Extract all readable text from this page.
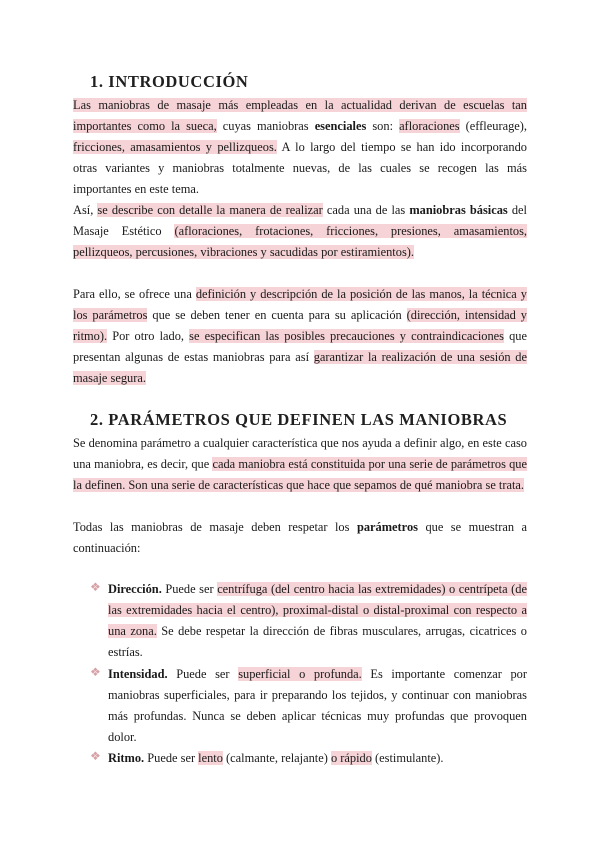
1. INTRODUCCIÓN

Las maniobras de masaje más empleadas en la actualidad derivan de escuelas tan importantes como la sueca, cuyas maniobras esenciales son: afloraciones (effleurage), fricciones, amasamientos y pellizqueos. A lo largo del tiempo se han ido incorporando otras variantes y maniobras totalmente nuevas, de las cuales se recogen las más importantes en este tema.

Así, se describe con detalle la manera de realizar cada una de las maniobras básicas del Masaje Estético (afloraciones, frotaciones, fricciones, presiones, amasamientos, pellizqueos, percusiones, vibraciones y sacudidas por estiramientos).

Para ello, se ofrece una definición y descripción de la posición de las manos, la técnica y los parámetros que se deben tener en cuenta para su aplicación (dirección, intensidad y ritmo). Por otro lado, se especifican las posibles precauciones y contraindicaciones que presentan algunas de estas maniobras para así garantizar la realización de una sesión de masaje segura.

2. PARÁMETROS QUE DEFINEN LAS MANIOBRAS

Se denomina parámetro a cualquier característica que nos ayuda a definir algo, en este caso una maniobra, es decir, que cada maniobra está constituida por una serie de parámetros que la definen. Son una serie de características que hace que sepamos de qué maniobra se trata.

Todas las maniobras de masaje deben respetar los parámetros que se muestran a continuación:

❖ Dirección. Puede ser centrífuga (del centro hacia las extremidades) o centrípeta (de las extremidades hacia el centro), proximal-distal o distal-proximal con respecto a una zona. Se debe respetar la dirección de fibras musculares, arrugas, cicatrices o estrías.

❖ Intensidad. Puede ser superficial o profunda. Es importante comenzar por maniobras superficiales, para ir preparando los tejidos, y continuar con maniobras más profundas. Nunca se deben aplicar técnicas muy profundas que provoquen dolor.

❖ Ritmo. Puede ser lento (calmante, relajante) o rápido (estimulante).
